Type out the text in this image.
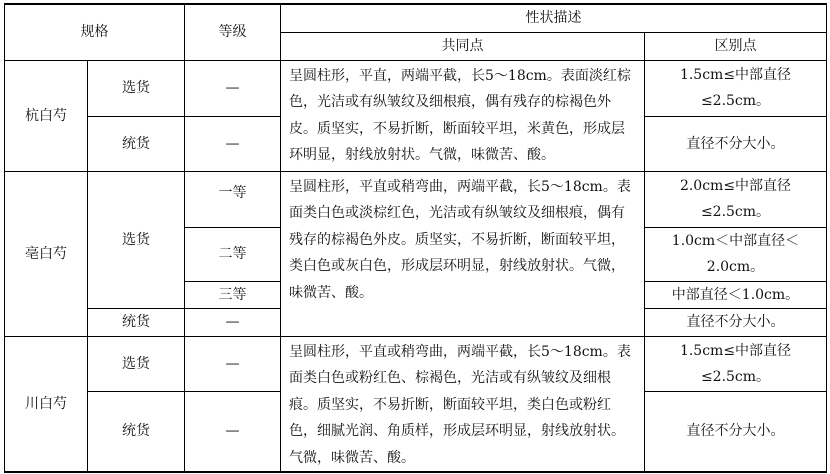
规格		等级	性状描述	
			共同点	区别点
杭白芍	选货	—	呈圆柱形，平直，两端平截，长5～18cm。表面淡红棕色，光洁或有纵皱纹及细根痕，偶有残存的棕褐色外皮。质坚实，不易折断，断面较平坦，米黄色，形成层环明显，射线放射状。气微，味微苦、酸。	1.5cm≤中部直径≤2.5cm。
	统货	—		直径不分大小。
亳白芍	选货	一等	呈圆柱形，平直或稍弯曲，两端平截，长5～18cm。表面类白色或淡棕红色，光洁或有纵皱纹及细根痕，偶有残存的棕褐色外皮。质坚实，不易折断，断面较平坦，类白色或灰白色，形成层环明显，射线放射状。气微，味微苦、酸。	2.0cm≤中部直径≤2.5cm。
		二等		1.0cm＜中部直径＜2.0cm。
		三等		中部直径＜1.0cm。
	统货	—		直径不分大小。
川白芍	选货	—	呈圆柱形，平直或稍弯曲，两端平截，长5～18cm。表面类白色或粉红色、棕褐色，光洁或有纵皱纹及细根痕。质坚实，不易折断，断面较平坦，类白色或粉红色，细腻光润、角质样，形成层环明显，射线放射状。气微，味微苦、酸。	1.5cm≤中部直径≤2.5cm。
	统货	—		直径不分大小。
